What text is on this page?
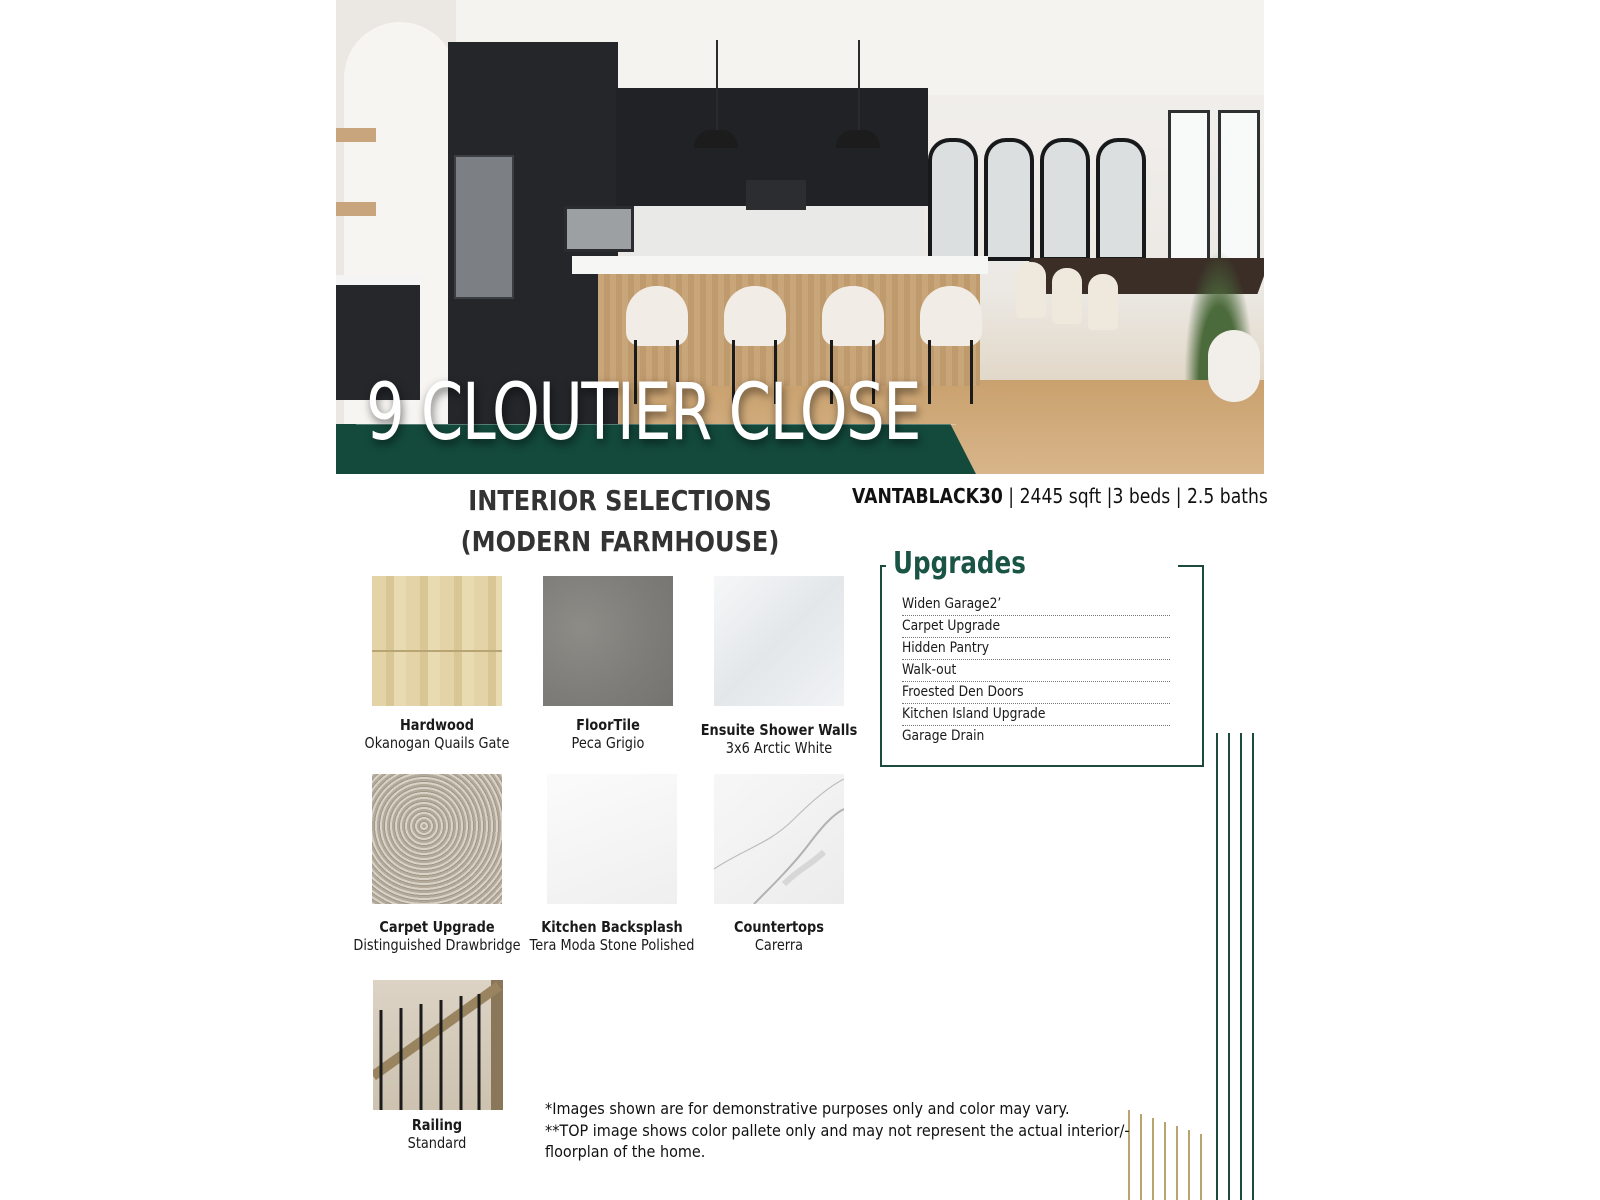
9 CLOUTIER CLOSE
INTERIOR SELECTIONS
(MODERN FARMHOUSE)
VANTABLACK30 | 2445 sqft |3 beds | 2.5 baths
Hardwood
Okanogan Quails Gate
FloorTile
Peca Grigio
Ensuite Shower Walls
3x6 Arctic White
Carpet Upgrade
Distinguished Drawbridge
Kitchen Backsplash
Tera Moda Stone Polished
Countertops
Carerra
Railing
Standard
Upgrades
Widen Garage2’
Carpet Upgrade
Hidden Pantry
Walk-out
Froested Den Doors
Kitchen Island Upgrade
Garage Drain
*Images shown are for demonstrative purposes only and color may vary.
**TOP image shows color pallete only and may not represent the actual interior/-
floorplan of the home.
